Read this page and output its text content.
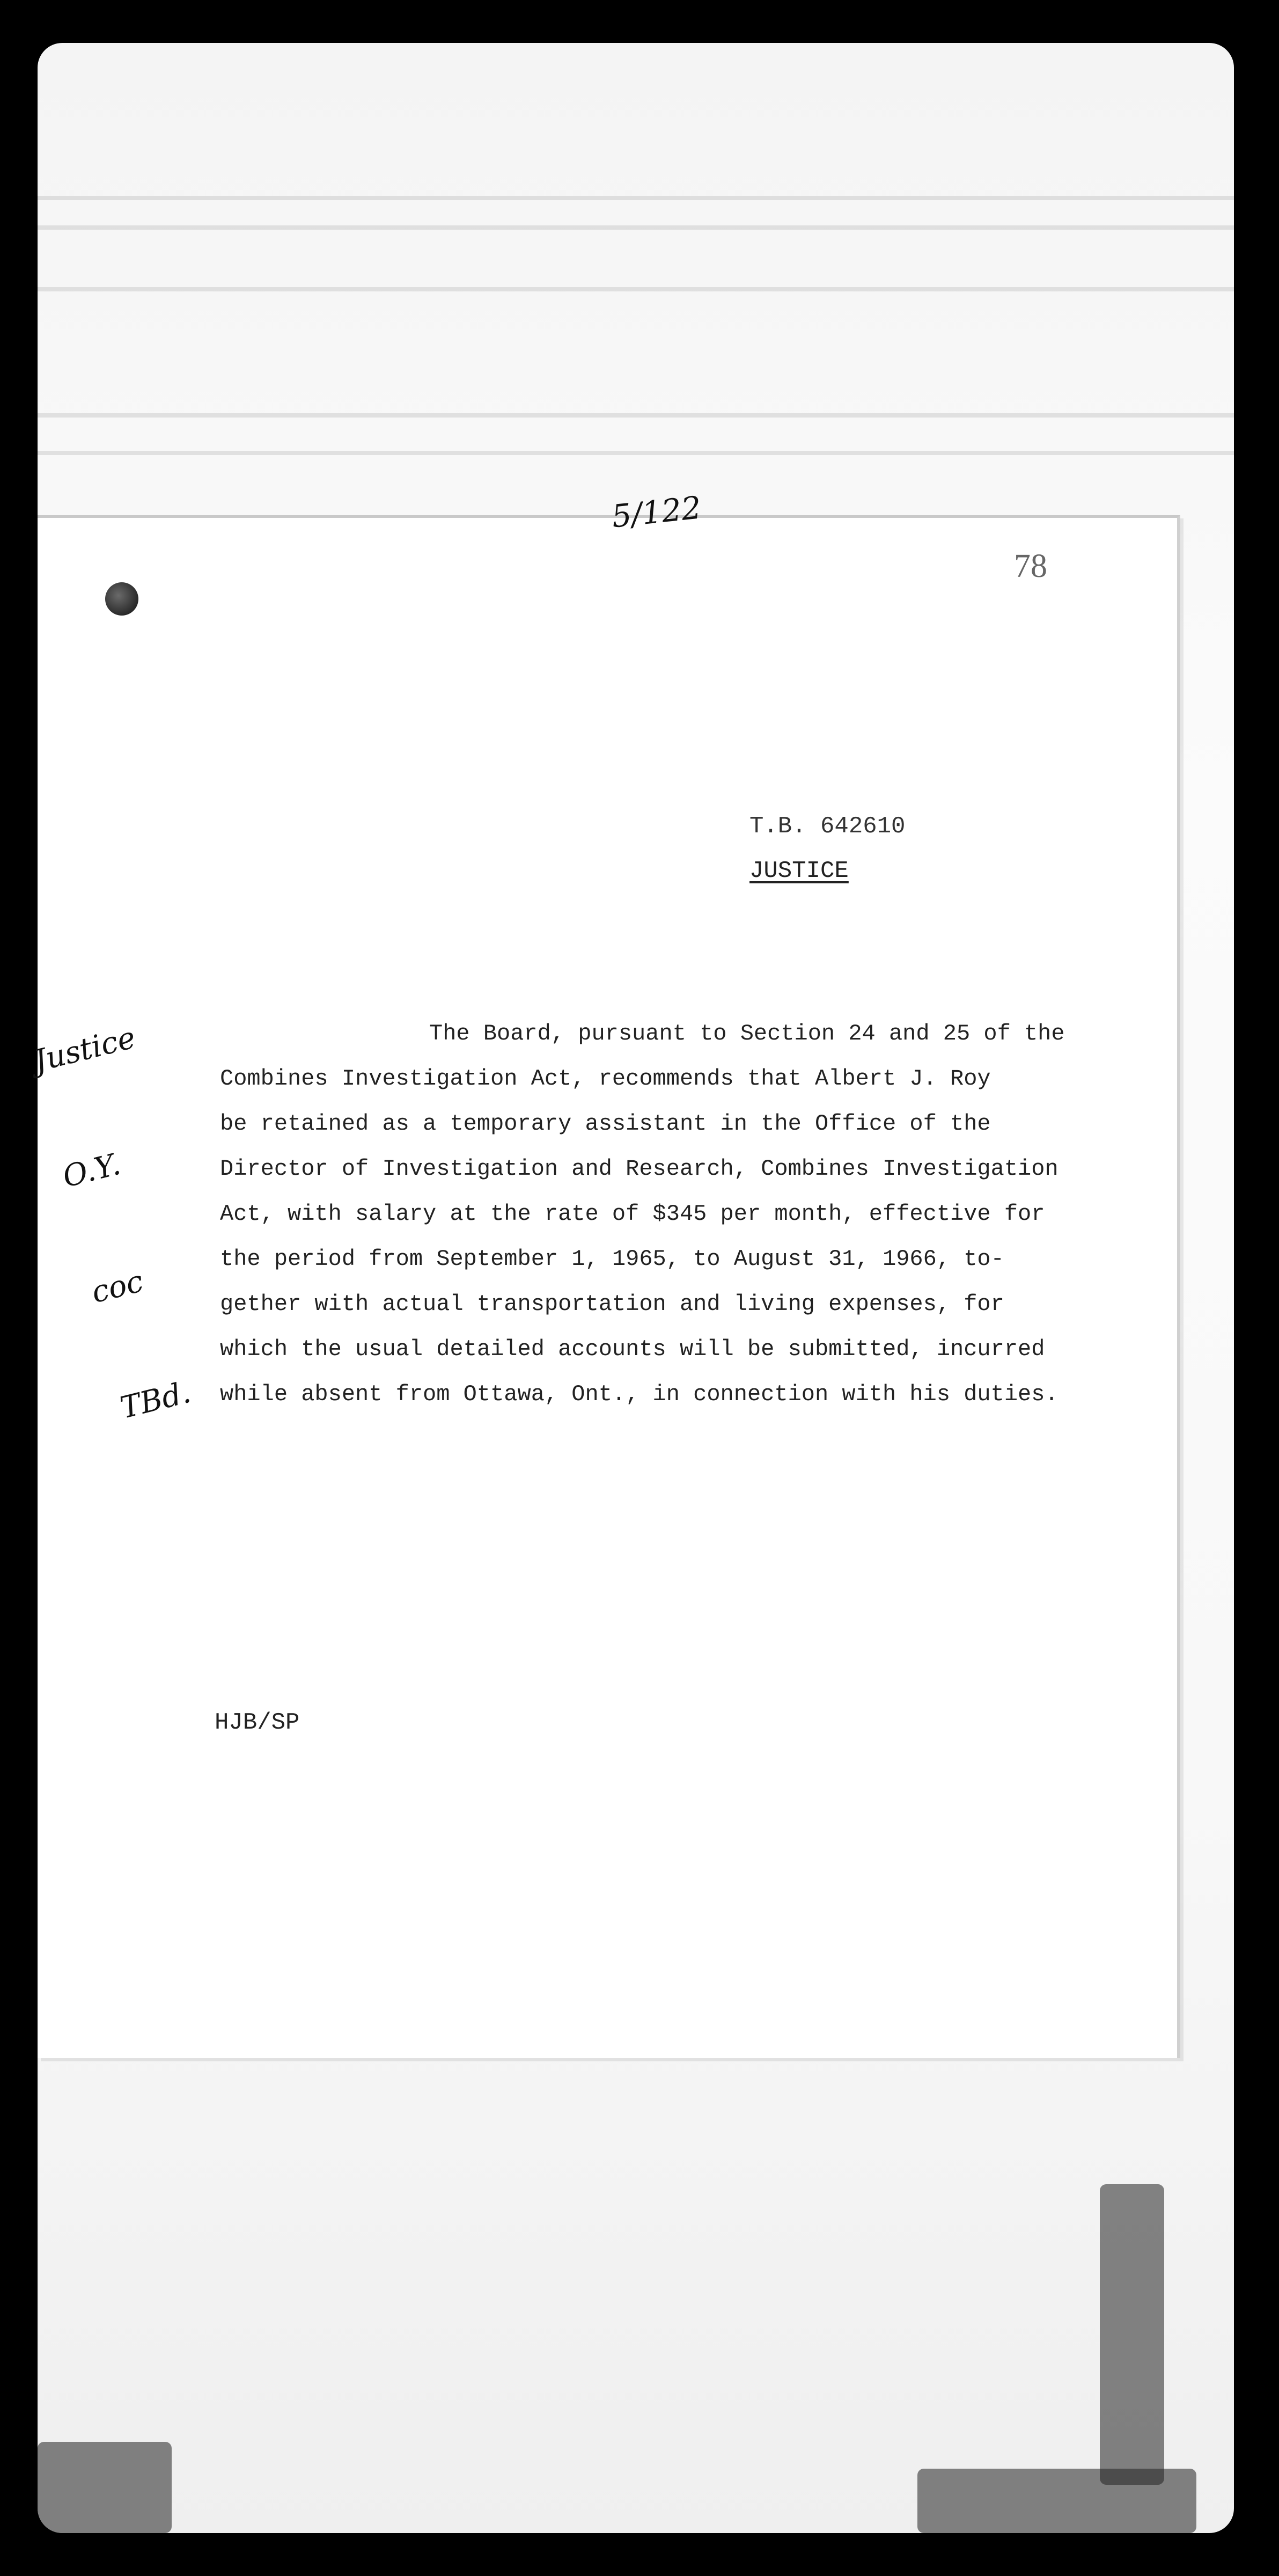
5/122
78
T.B. 642610
JUSTICE

Justice

O.Y.

coc

TBd.

The Board, pursuant to Section 24 and 25 of the
Combines Investigation Act, recommends that Albert J. Roy
be retained as a temporary assistant in the Office of the
Director of Investigation and Research, Combines Investigation
Act, with salary at the rate of $345 per month, effective for
the period from September 1, 1965, to August 31, 1966, to-
gether with actual transportation and living expenses, for
which the usual detailed accounts will be submitted, incurred
while absent from Ottawa, Ont., in connection with his duties.
HJB/SP
